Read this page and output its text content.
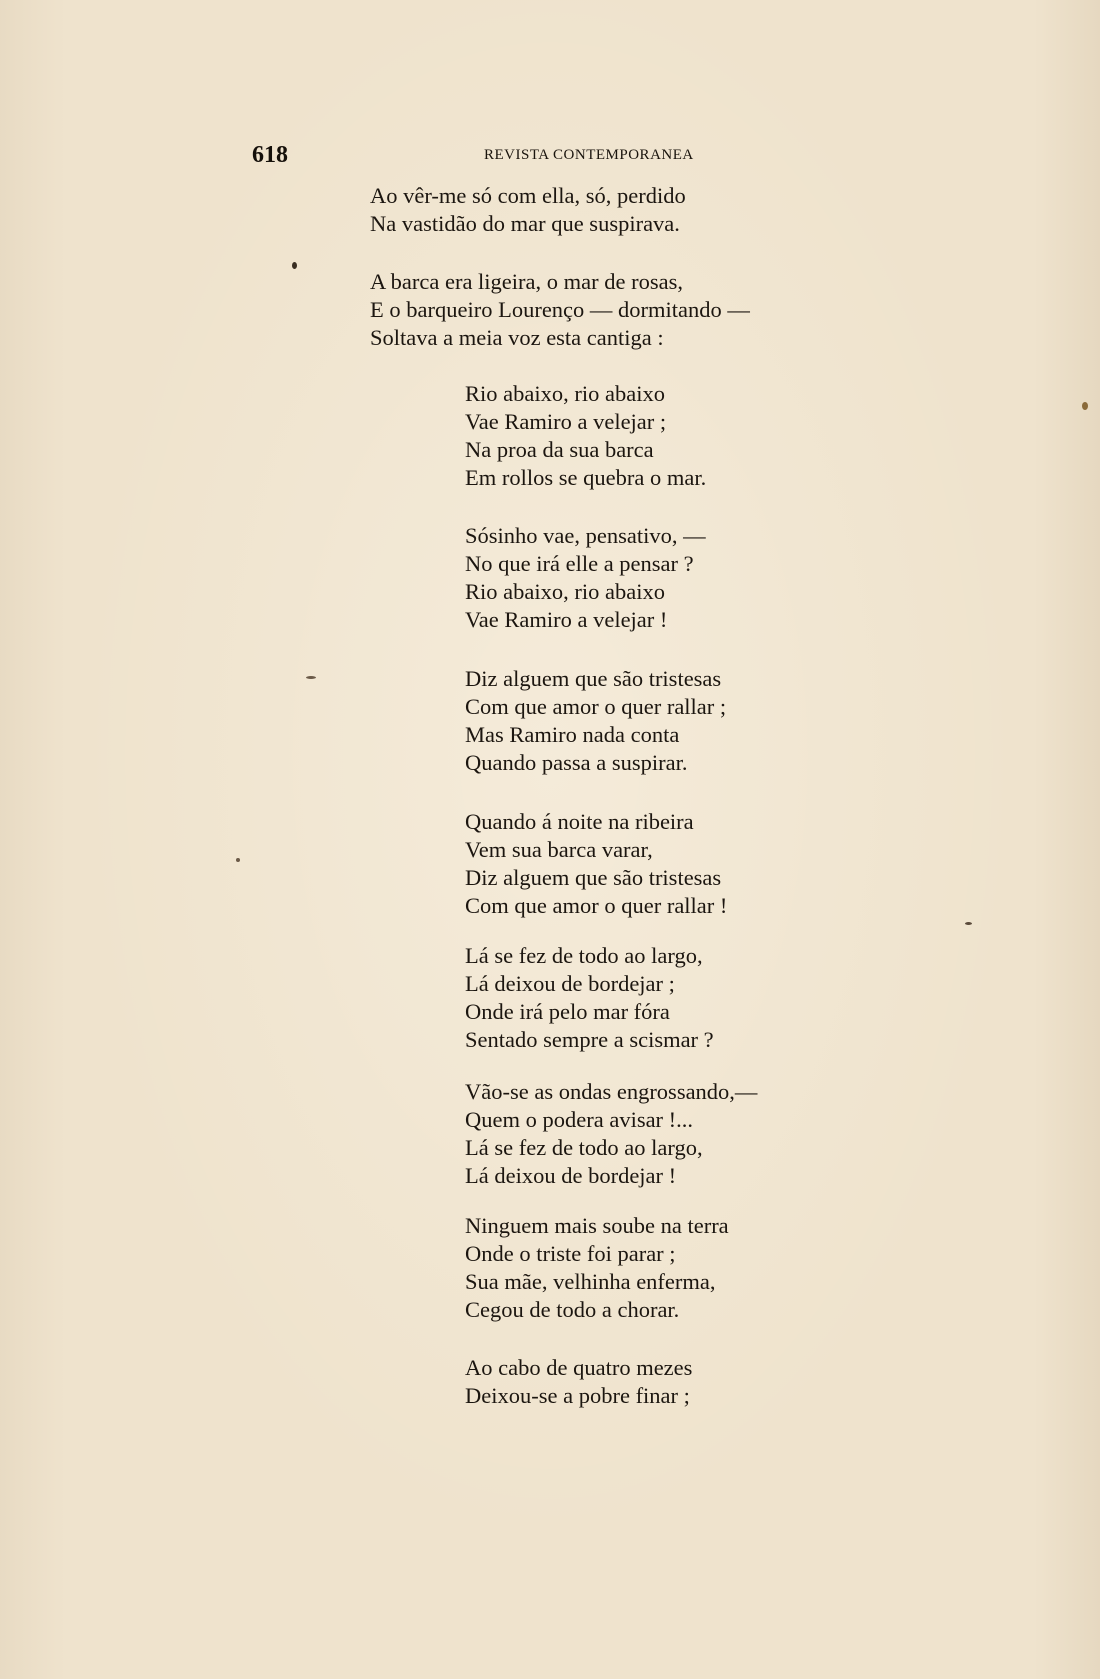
618	REVISTA CONTEMPORANEA
Ao vêr-me só com ella, só, perdido
Na vastidão do mar que suspirava.
A barca era ligeira, o mar de rosas,
E o barqueiro Lourenço — dormitando —
Soltava a meia voz esta cantiga :
Rio abaixo, rio abaixo
Vae Ramiro a velejar ;
Na proa da sua barca
Em rollos se quebra o mar.
Sósinho vae, pensativo, —
No que irá elle a pensar ?
Rio abaixo, rio abaixo
Vae Ramiro a velejar !
Diz alguem que são tristesas
Com que amor o quer rallar ;
Mas Ramiro nada conta
Quando passa a suspirar.
Quando á noite na ribeira
Vem sua barca varar,
Diz alguem que são tristesas
Com que amor o quer rallar !
Lá se fez de todo ao largo,
Lá deixou de bordejar ;
Onde irá pelo mar fóra
Sentado sempre a scismar ?
Vão-se as ondas engrossando,—
Quem o podera avisar !...
Lá se fez de todo ao largo,
Lá deixou de bordejar !
Ninguem mais soube na terra
Onde o triste foi parar ;
Sua mãe, velhinha enferma,
Cegou de todo a chorar.
Ao cabo de quatro mezes
Deixou-se a pobre finar ;
